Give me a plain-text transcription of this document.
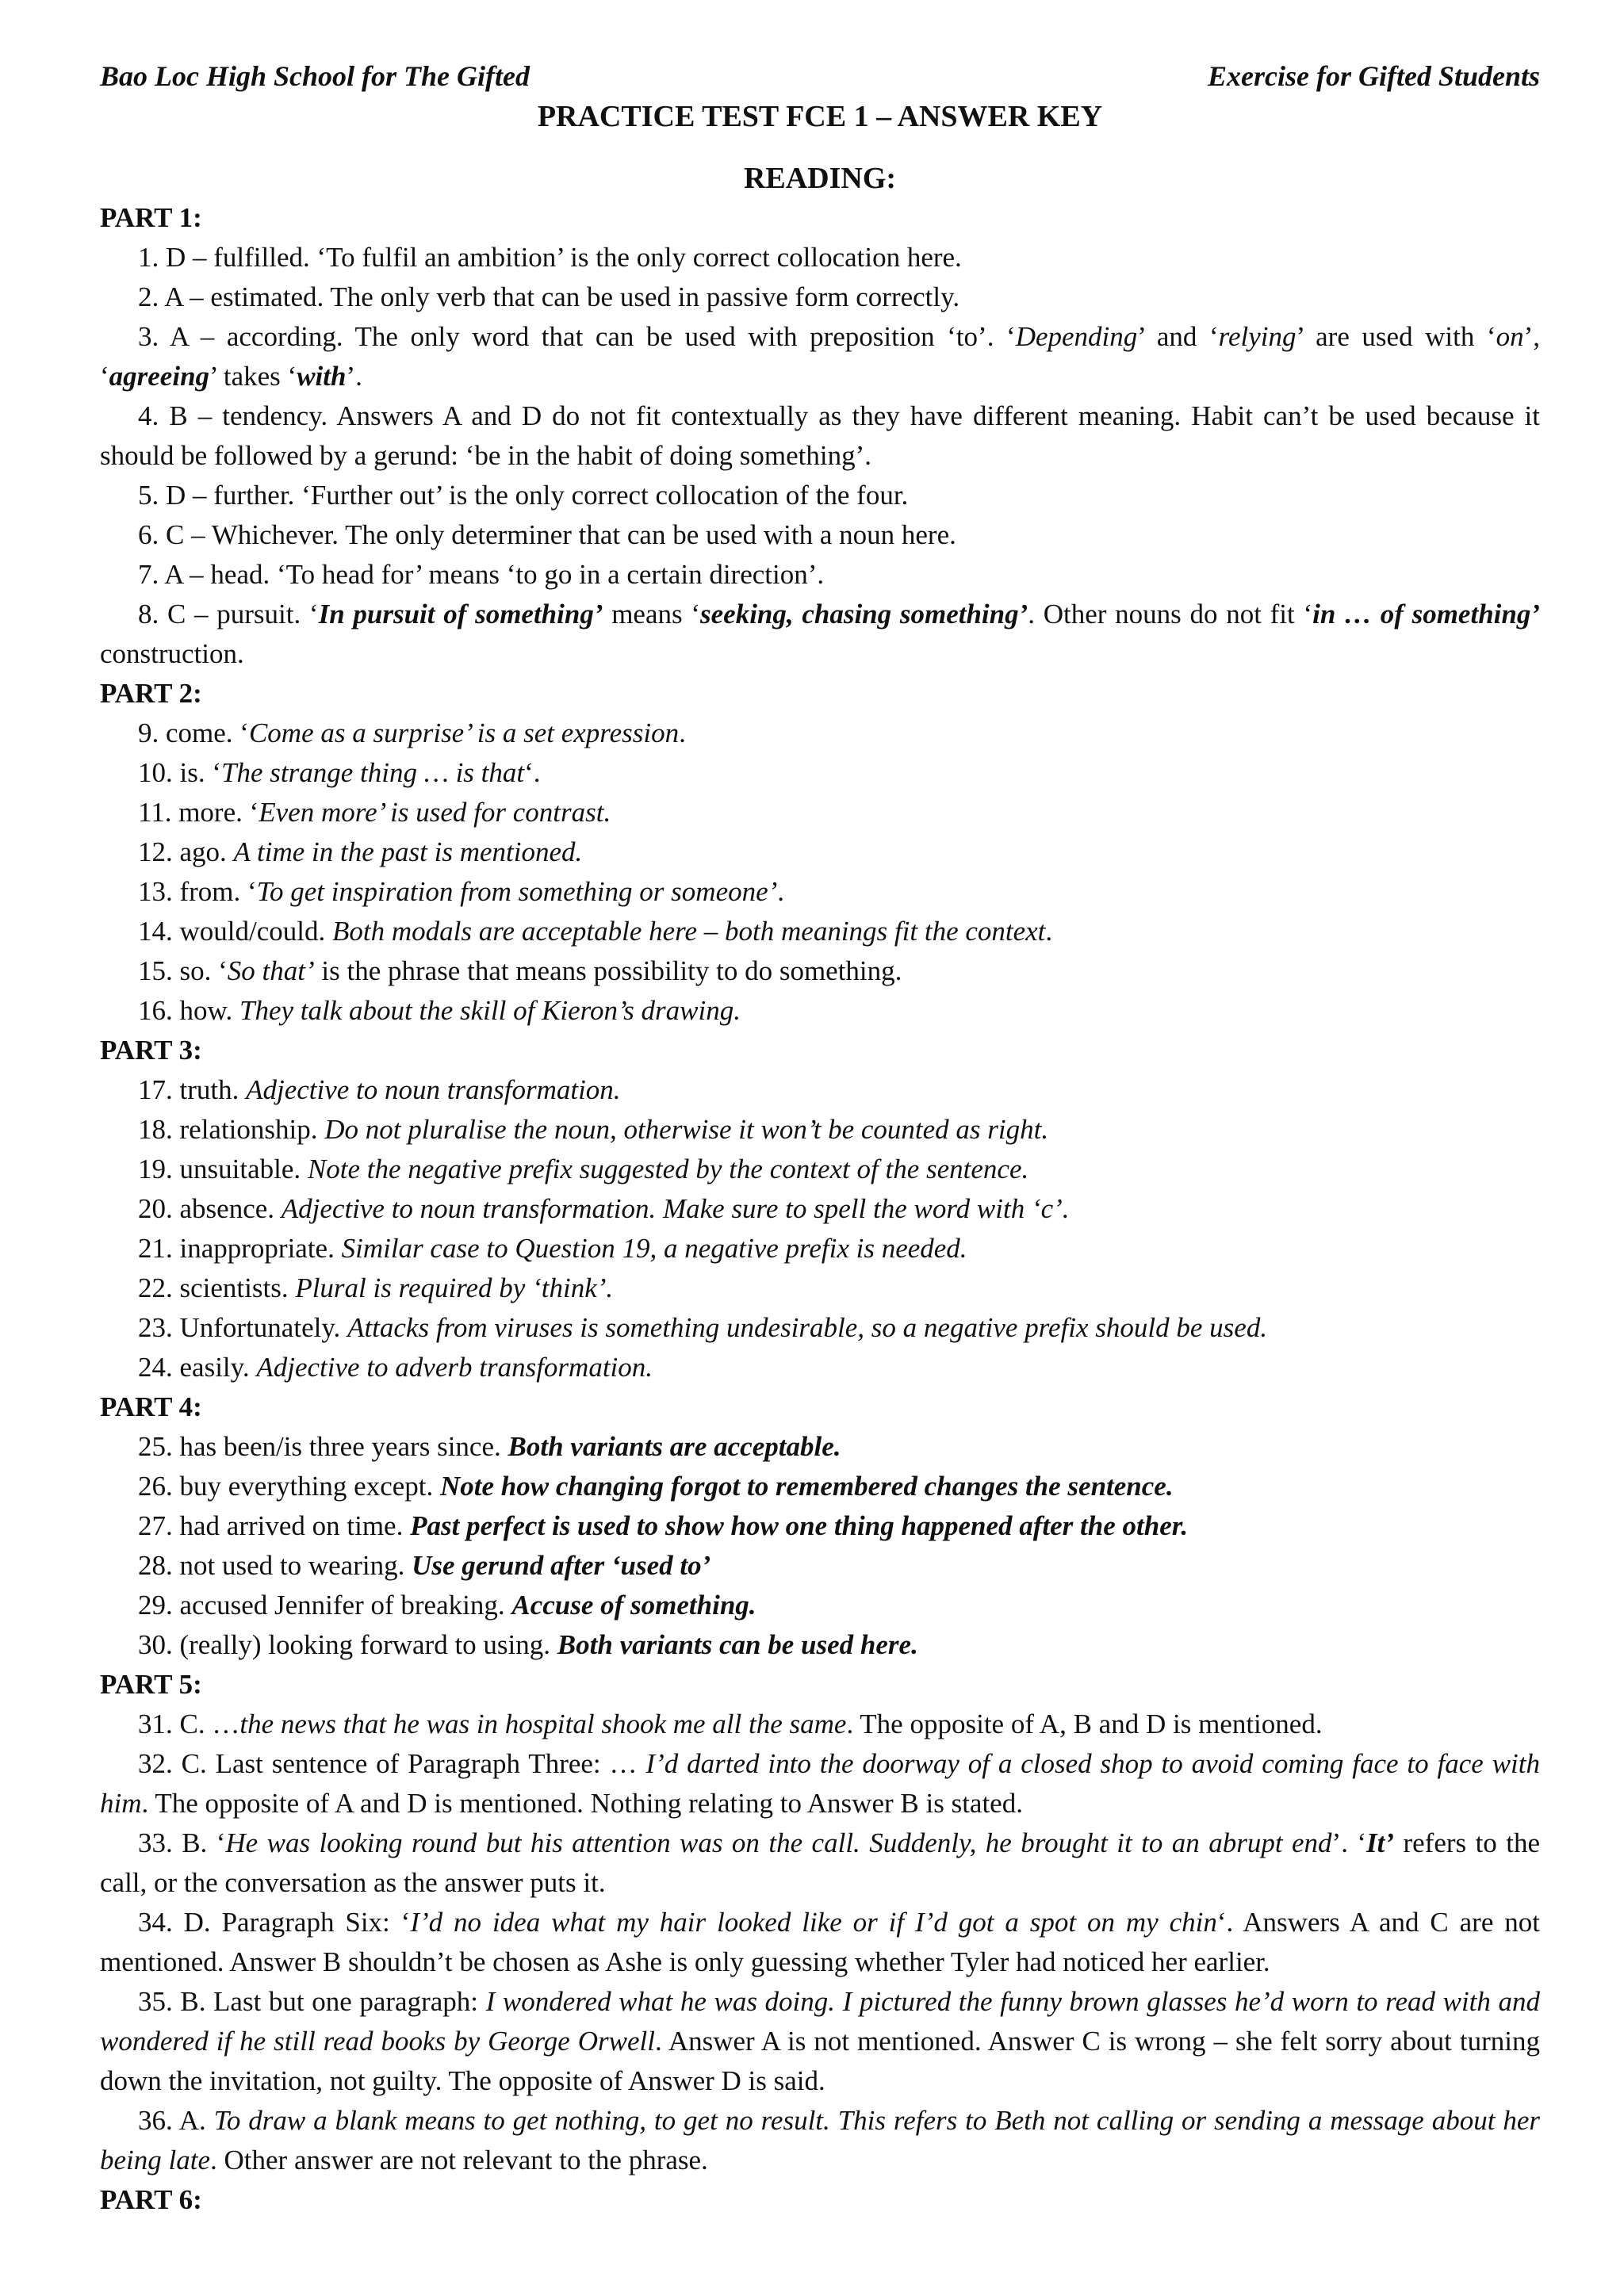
Bao Loc High School for The Gifted	Exercise for Gifted Students
PRACTICE TEST FCE 1 – ANSWER KEY
READING:

PART 1:

1. D – fulfilled. ‘To fulfil an ambition’ is the only correct collocation here.

2. A – estimated. The only verb that can be used in passive form correctly.

3. A – according. The only word that can be used with preposition ‘to’. ‘Depending’ and ‘relying’ are used with ‘on’, ‘agreeing’ takes ‘with’.

4. B – tendency. Answers A and D do not fit contextually as they have different meaning. Habit can’t be used because it should be followed by a gerund: ‘be in the habit of doing something’.

5. D – further. ‘Further out’ is the only correct collocation of the four.

6. C – Whichever. The only determiner that can be used with a noun here.

7. A – head. ‘To head for’ means ‘to go in a certain direction’.

8. C – pursuit. ‘In pursuit of something’ means ‘seeking, chasing something’. Other nouns do not fit ‘in … of something’ construction.

PART 2:

9. come. ‘Come as a surprise’ is a set expression.

10. is. ‘The strange thing … is that‘.

11. more. ‘Even more’ is used for contrast.

12. ago. A time in the past is mentioned.

13. from. ‘To get inspiration from something or someone’.

14. would/could. Both modals are acceptable here – both meanings fit the context.

15. so. ‘So that’ is the phrase that means possibility to do something.

16. how. They talk about the skill of Kieron’s drawing.

PART 3:

17. truth. Adjective to noun transformation.

18. relationship. Do not pluralise the noun, otherwise it won’t be counted as right.

19. unsuitable. Note the negative prefix suggested by the context of the sentence.

20. absence. Adjective to noun transformation. Make sure to spell the word with ‘c’.

21. inappropriate. Similar case to Question 19, a negative prefix is needed.

22. scientists. Plural is required by ‘think’.

23. Unfortunately. Attacks from viruses is something undesirable, so a negative prefix should be used.

24. easily. Adjective to adverb transformation.

PART 4:

25. has been/is three years since. Both variants are acceptable.

26. buy everything except. Note how changing forgot to remembered changes the sentence.

27. had arrived on time. Past perfect is used to show how one thing happened after the other.

28. not used to wearing. Use gerund after ‘used to’

29. accused Jennifer of breaking. Accuse of something.

30. (really) looking forward to using. Both variants can be used here.

PART 5:

31. C. …the news that he was in hospital shook me all the same. The opposite of A, B and D is mentioned.

32. C. Last sentence of Paragraph Three: … I’d darted into the doorway of a closed shop to avoid coming face to face with him. The opposite of A and D is mentioned. Nothing relating to Answer B is stated.

33. B. ‘He was looking round but his attention was on the call. Suddenly, he brought it to an abrupt end’. ‘It’ refers to the call, or the conversation as the answer puts it.

34. D. Paragraph Six: ‘I’d no idea what my hair looked like or if I’d got a spot on my chin‘. Answers A and C are not mentioned. Answer B shouldn’t be chosen as Ashe is only guessing whether Tyler had noticed her earlier.

35. B. Last but one paragraph: I wondered what he was doing. I pictured the funny brown glasses he’d worn to read with and wondered if he still read books by George Orwell. Answer A is not mentioned. Answer C is wrong – she felt sorry about turning down the invitation, not guilty. The opposite of Answer D is said.

36. A. To draw a blank means to get nothing, to get no result. This refers to Beth not calling or sending a message about her being late. Other answer are not relevant to the phrase.

PART 6:
